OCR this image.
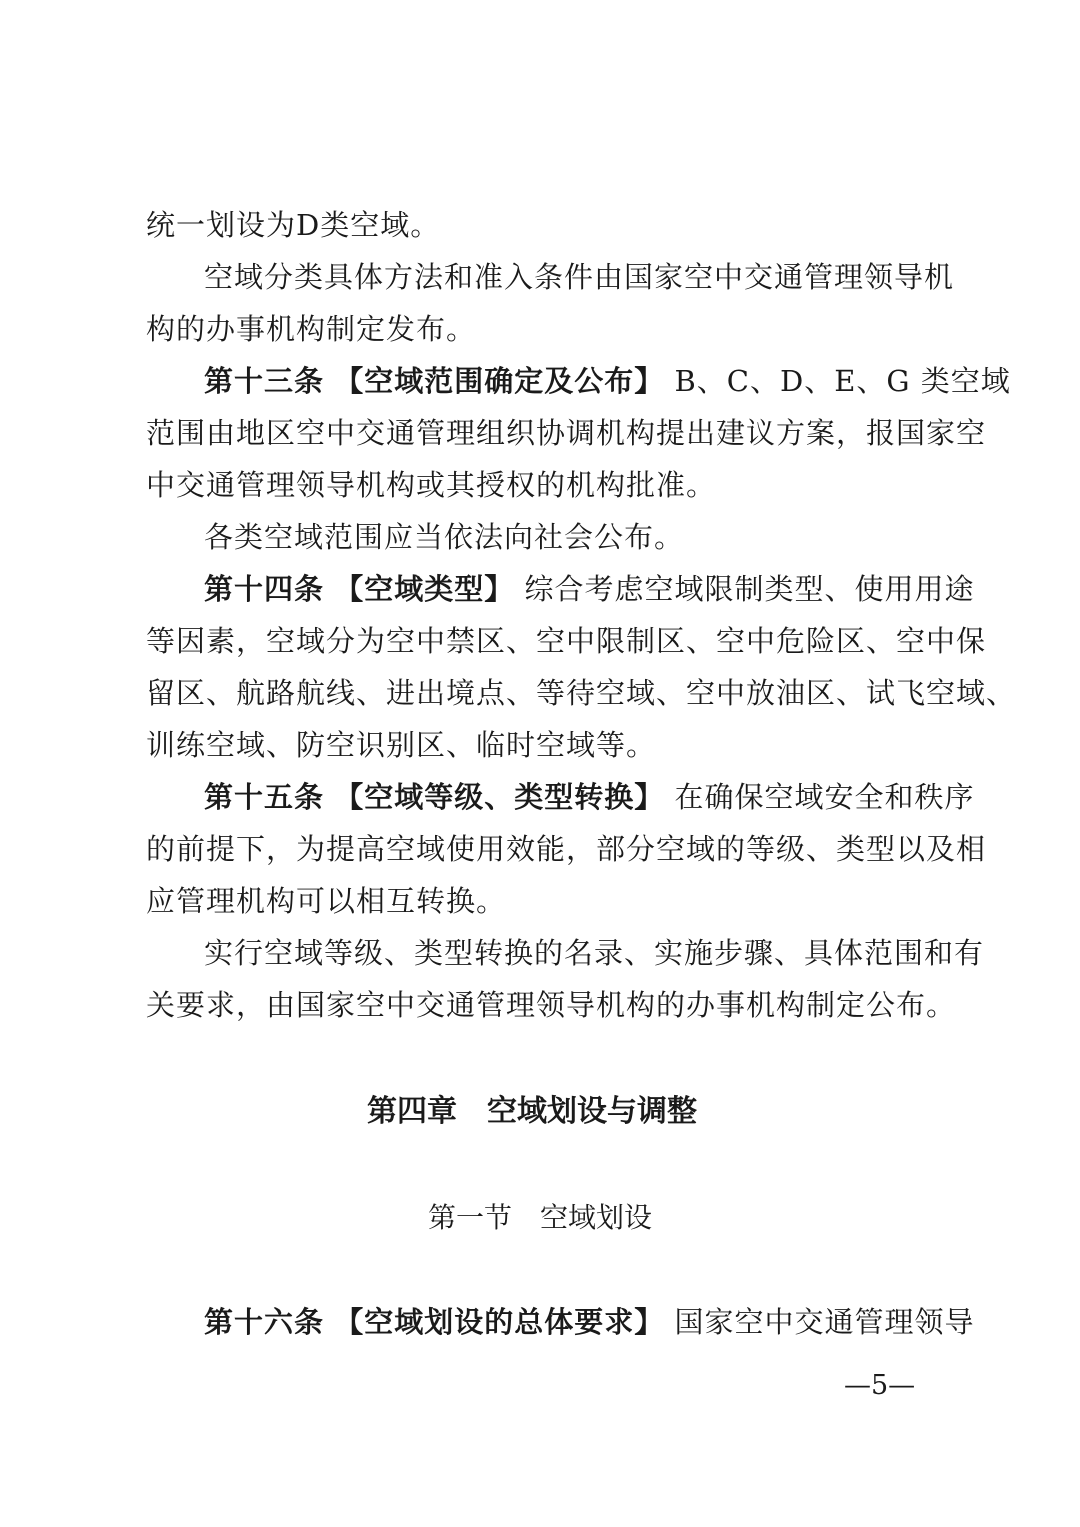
统一划设为D类空域。
空域分类具体方法和准入条件由国家空中交通管理领导机
构的办事机构制定发布。
第十三条 【空域范围确定及公布】 B、C、D、E、G 类空域
范围由地区空中交通管理组织协调机构提出建议方案，报国家空
中交通管理领导机构或其授权的机构批准。
各类空域范围应当依法向社会公布。
第十四条 【空域类型】 综合考虑空域限制类型、使用用途
等因素，空域分为空中禁区、空中限制区、空中危险区、空中保
留区、航路航线、进出境点、等待空域、空中放油区、试飞空域、
训练空域、防空识别区、临时空域等。
第十五条 【空域等级、类型转换】 在确保空域安全和秩序
的前提下，为提高空域使用效能，部分空域的等级、类型以及相
应管理机构可以相互转换。
实行空域等级、类型转换的名录、实施步骤、具体范围和有
关要求，由国家空中交通管理领导机构的办事机构制定公布。
第四章　空域划设与调整
第一节　空域划设
第十六条 【空域划设的总体要求】 国家空中交通管理领导
—5—
